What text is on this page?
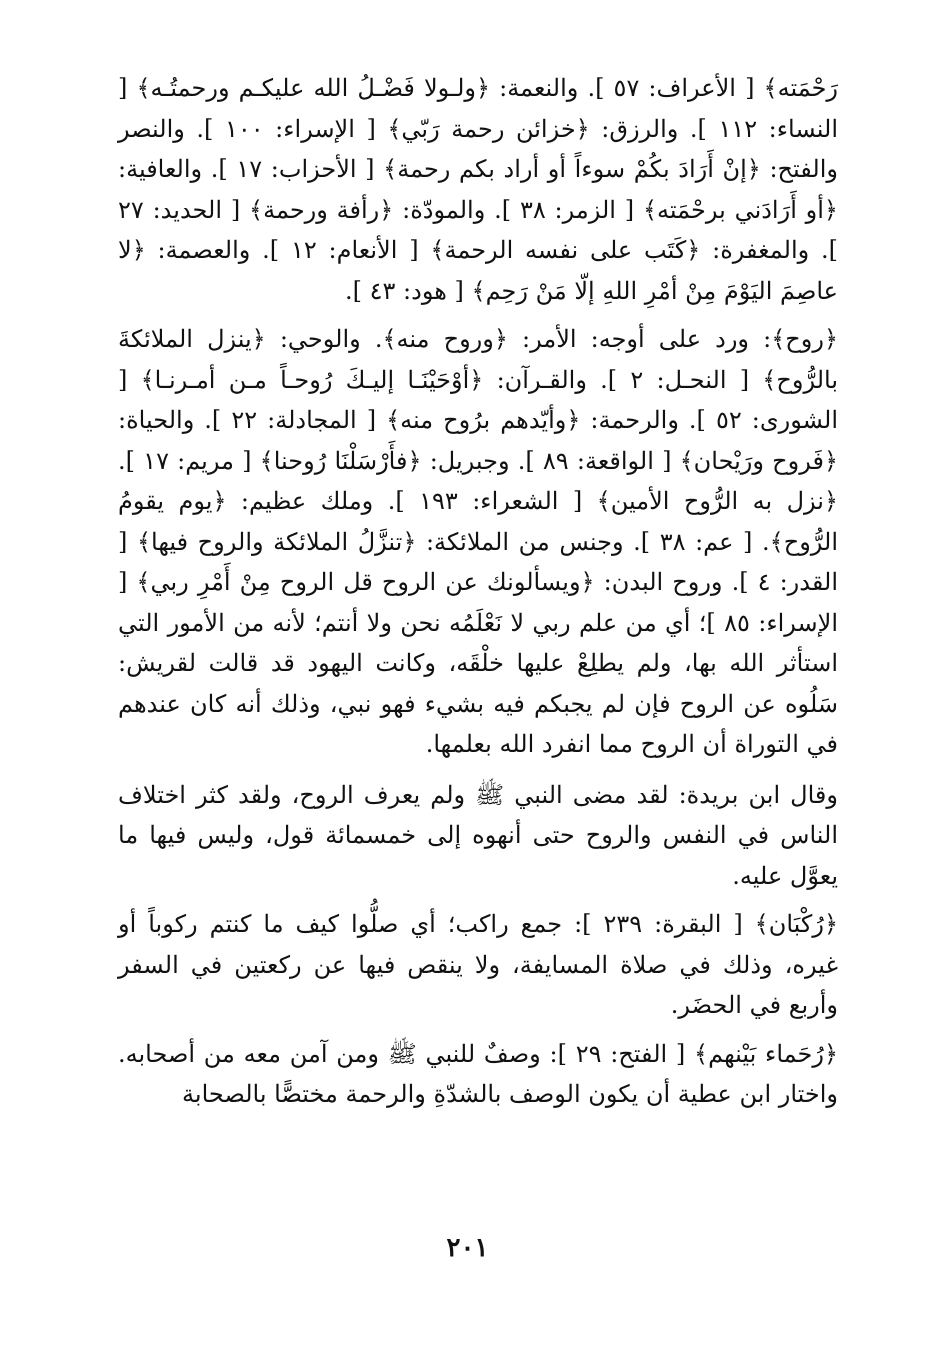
رَحْمَته﴾ [ الأعراف: ٥٧ ]. والنعمة: ﴿ولـولا فَضْـلُ الله عليكـم ورحمتُـه﴾ [ النساء: ١١٢ ]. والرزق: ﴿خزائن رحمة رَبّي﴾ [ الإسراء: ١٠٠ ]. والنصر والفتح: ﴿إنْ أَرَادَ بكُمْ سوءاً أو أراد بكم رحمة﴾ [ الأحزاب: ١٧ ]. والعافية: ﴿أو أَرَادَني برحْمَته﴾ [ الزمر: ٣٨ ]. والمودّة: ﴿رأفة ورحمة﴾ [ الحديد: ٢٧ ]. والمغفرة: ﴿كَتَب على نفسه الرحمة﴾ [ الأنعام: ١٢ ]. والعصمة: ﴿لا عاصِمَ اليَوْمَ مِنْ أمْرِ اللهِ إلّا مَنْ رَحِم﴾ [ هود: ٤٣ ].

﴿روح﴾: ورد على أوجه: الأمر: ﴿وروح منه﴾. والوحي: ﴿ينزل الملائكةَ بالرُّوح﴾ [ النحـل: ٢ ]. والقـرآن: ﴿أوْحَيْنَـا إليـكَ رُوحـاً مـن أمـرنـا﴾ [ الشورى: ٥٢ ]. والرحمة: ﴿وأيّدهم برُوح منه﴾ [ المجادلة: ٢٢ ]. والحياة: ﴿فَروح ورَيْحان﴾ [ الواقعة: ٨٩ ]. وجبريل: ﴿فأَرْسَلْنَا رُوحنا﴾ [ مريم: ١٧ ]. ﴿نزل به الرُّوح الأمين﴾ [ الشعراء: ١٩٣ ]. وملك عظيم: ﴿يوم يقومُ الرُّوح﴾. [ عم: ٣٨ ]. وجنس من الملائكة: ﴿تنزَّلُ الملائكة والروح فيها﴾ [ القدر: ٤ ]. وروح البدن: ﴿ويسألونك عن الروح قل الروح مِنْ أَمْرِ ربي﴾ [ الإسراء: ٨٥ ]؛ أي من علم ربي لا نَعْلَمُه نحن ولا أنتم؛ لأنه من الأمور التي استأثر الله بها، ولم يطلِعْ عليها خلْقَه، وكانت اليهود قد قالت لقريش: سَلُوه عن الروح فإن لم يجبكم فيه بشيء فهو نبي، وذلك أنه كان عندهم في التوراة أن الروح مما انفرد الله بعلمها.

وقال ابن بريدة: لقد مضى النبي ﷺ ولم يعرف الروح، ولقد كثر اختلاف الناس في النفس والروح حتى أنهوه إلى خمسمائة قول، وليس فيها ما يعوَّل عليه.

﴿رُكْبَان﴾ [ البقرة: ٢٣٩ ]: جمع راكب؛ أي صلُّوا كيف ما كنتم ركوباً أو غيره، وذلك في صلاة المسايفة، ولا ينقص فيها عن ركعتين في السفر وأربع في الحضَر.

﴿رُحَماء بَيْنهم﴾ [ الفتح: ٢٩ ]: وصفٌ للنبي ﷺ ومن آمن معه من أصحابه. واختار ابن عطية أن يكون الوصف بالشدّةِ والرحمة مختصًّا بالصحابة

٢٠١
